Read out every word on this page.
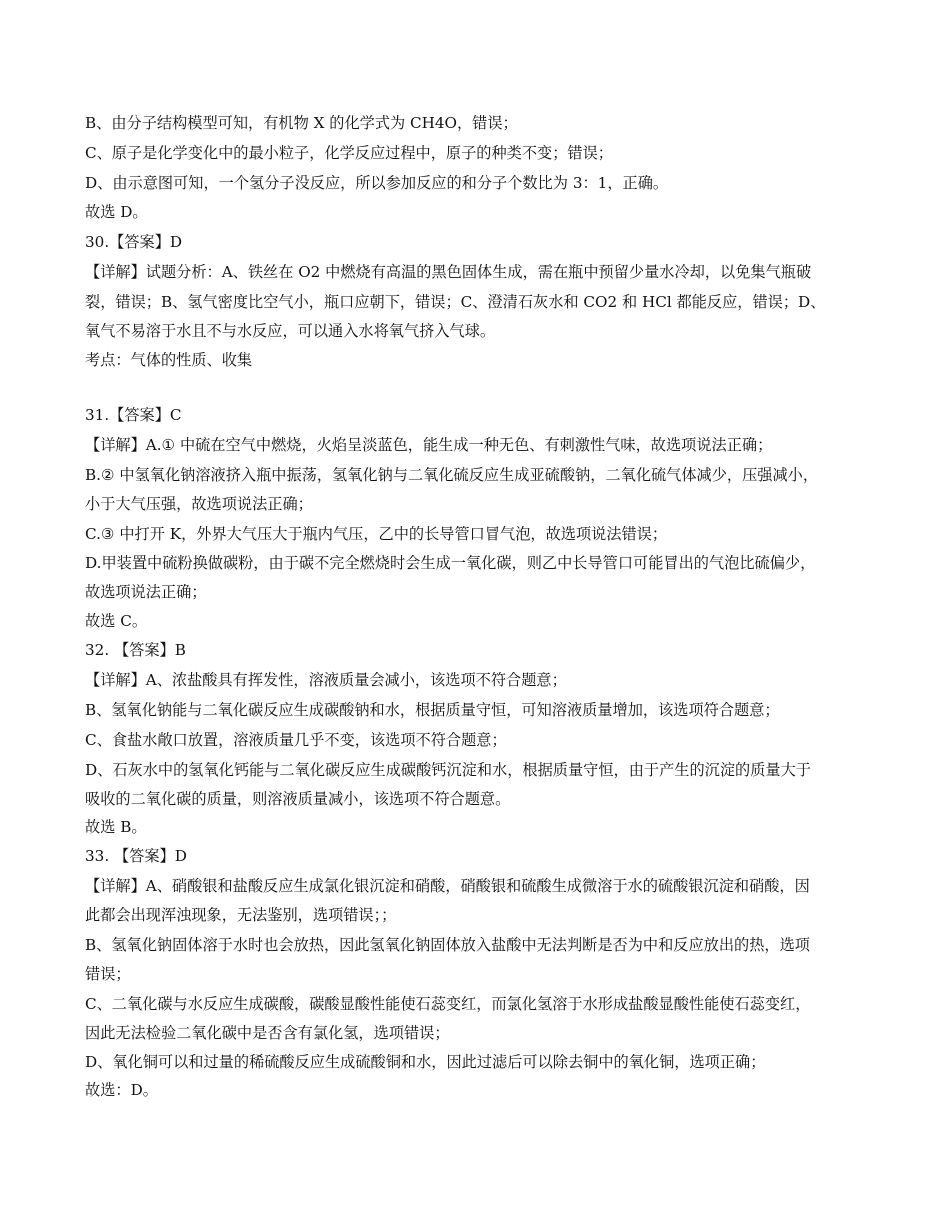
B、由分子结构模型可知，有机物 X 的化学式为 CH4O，错误；
C、原子是化学变化中的最小粒子，化学反应过程中，原子的种类不变；错误；
D、由示意图可知，一个氢分子没反应，所以参加反应的和分子个数比为 3：1，正确。
故选 D。
30.【答案】D
【详解】试题分析：A、铁丝在 O2 中燃烧有高温的黑色固体生成，需在瓶中预留少量水冷却，以免集气瓶破
裂，错误；B、氢气密度比空气小，瓶口应朝下，错误；C、澄清石灰水和 CO2 和 HCl 都能反应，错误；D、
氧气不易溶于水且不与水反应，可以通入水将氧气挤入气球。
考点：气体的性质、收集
31.【答案】C
【详解】A.① 中硫在空气中燃烧，火焰呈淡蓝色，能生成一种无色、有刺激性气味，故选项说法正确；
B.② 中氢氧化钠溶液挤入瓶中振荡，氢氧化钠与二氧化硫反应生成亚硫酸钠，二氧化硫气体减少，压强减小，
小于大气压强，故选项说法正确；
C.③ 中打开 K，外界大气压大于瓶内气压，乙中的长导管口冒气泡，故选项说法错误；
D.甲装置中硫粉换做碳粉，由于碳不完全燃烧时会生成一氧化碳，则乙中长导管口可能冒出的气泡比硫偏少，
故选项说法正确；
故选 C。
32. 【答案】B
【详解】A、浓盐酸具有挥发性，溶液质量会减小，该选项不符合题意；
B、氢氧化钠能与二氧化碳反应生成碳酸钠和水，根据质量守恒，可知溶液质量增加，该选项符合题意；
C、食盐水敞口放置，溶液质量几乎不变，该选项不符合题意；
D、石灰水中的氢氧化钙能与二氧化碳反应生成碳酸钙沉淀和水，根据质量守恒，由于产生的沉淀的质量大于
吸收的二氧化碳的质量，则溶液质量减小，该选项不符合题意。
故选 B。
33. 【答案】D
【详解】A、硝酸银和盐酸反应生成氯化银沉淀和硝酸，硝酸银和硫酸生成微溶于水的硫酸银沉淀和硝酸，因
此都会出现浑浊现象，无法鉴别，选项错误；；
B、氢氧化钠固体溶于水时也会放热，因此氢氧化钠固体放入盐酸中无法判断是否为中和反应放出的热，选项
错误；
C、二氧化碳与水反应生成碳酸，碳酸显酸性能使石蕊变红，而氯化氢溶于水形成盐酸显酸性能使石蕊变红，
因此无法检验二氧化碳中是否含有氯化氢，选项错误；
D、氧化铜可以和过量的稀硫酸反应生成硫酸铜和水，因此过滤后可以除去铜中的氧化铜，选项正确；
故选：D。
